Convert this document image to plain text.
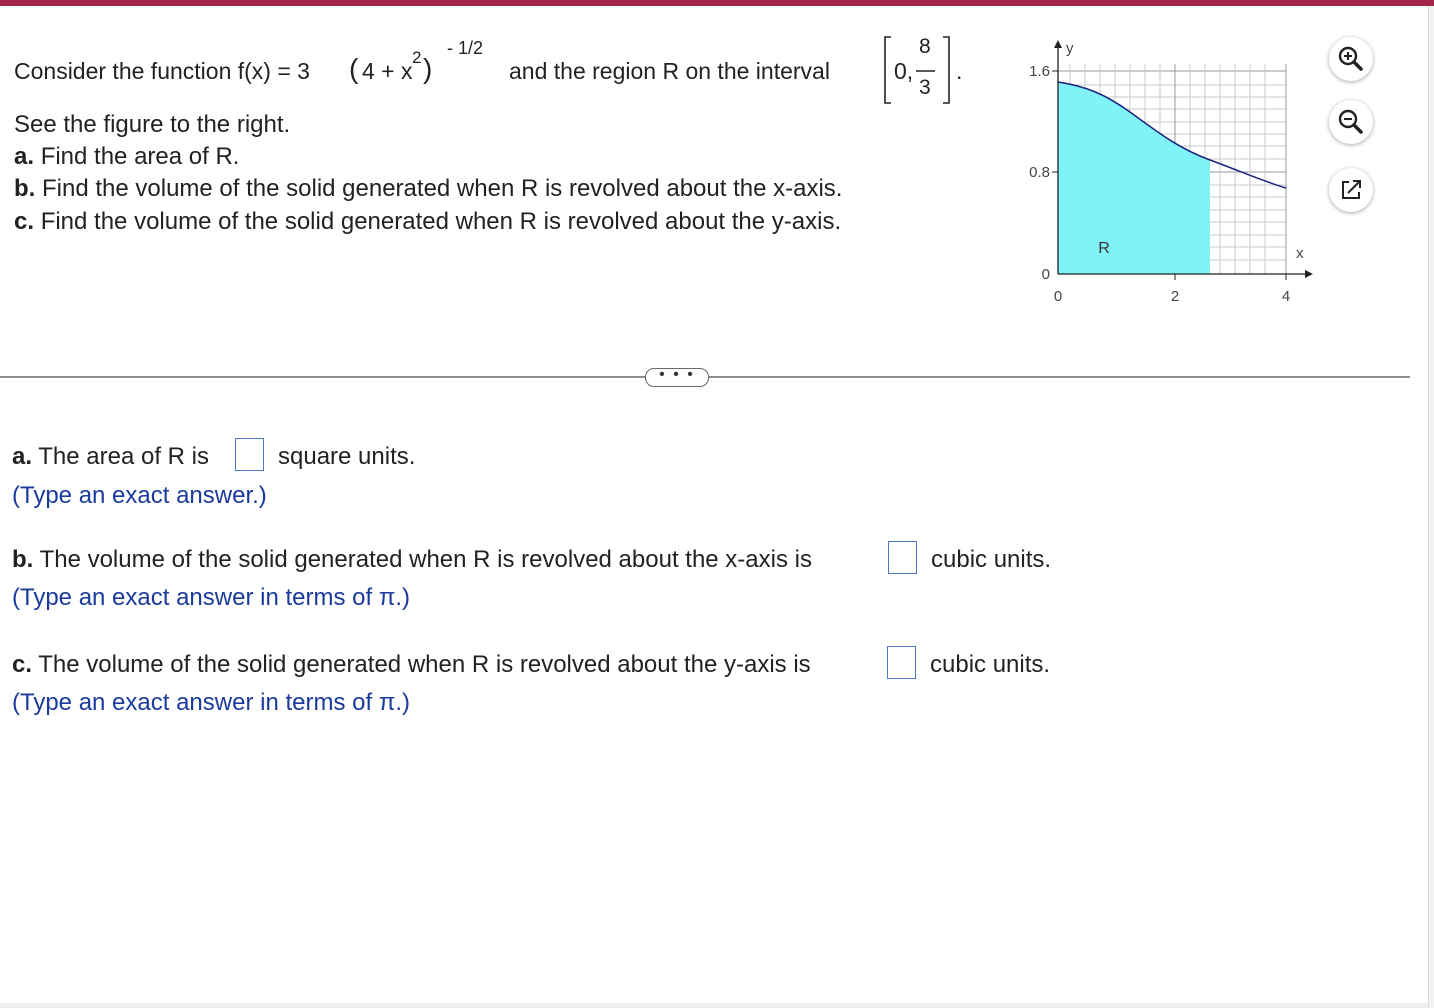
Consider the function f(x) = 3 ( 4 + x
2 )
- 1/2
and the region R on the interval	0,
8
3
.
See the figure to the right.
a. Find the area of R.
b. Find the volume of the solid generated when R is revolved about the x-axis.
c. Find the volume of the solid generated when R is revolved about the y-axis.
y
x
1.6
0.8
0
0	2	4
R
• • •
a. The area of R is	square units.
(Type an exact answer.)
b. The volume of the solid generated when R is revolved about the x-axis is	cubic units.
(Type an exact answer in terms of π.)
c. The volume of the solid generated when R is revolved about the y-axis is	cubic units.
(Type an exact answer in terms of π.)
